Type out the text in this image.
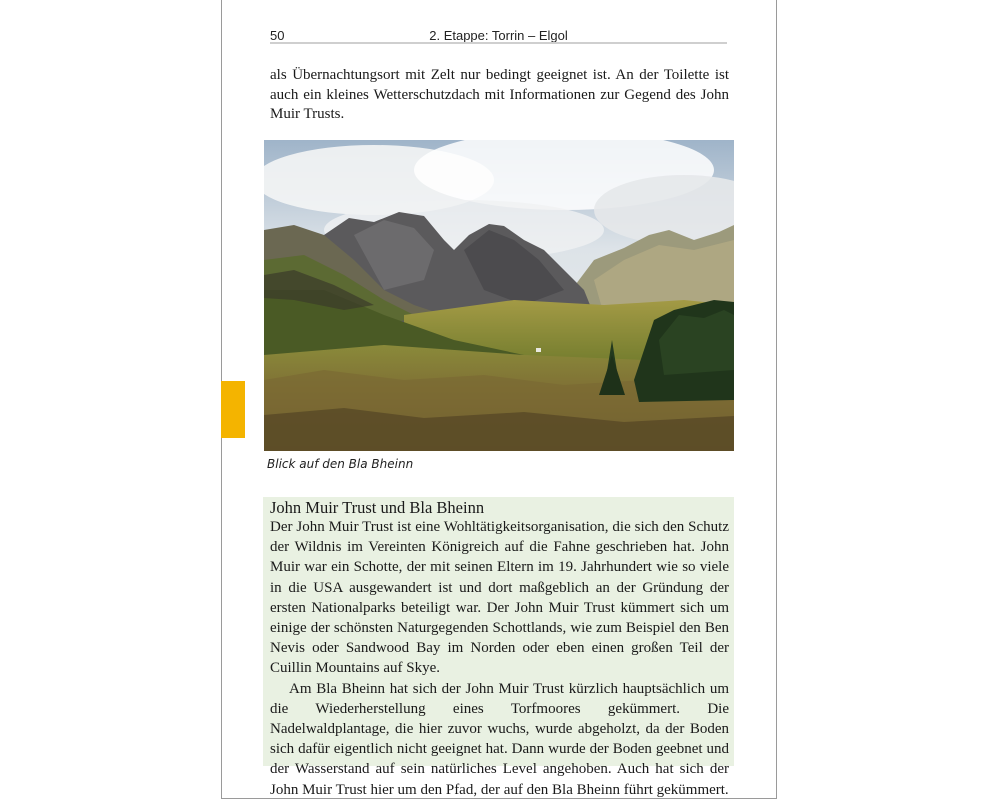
50	2. Etappe: Torrin – Elgol

als Übernachtungsort mit Zelt nur bedingt geeignet ist. An der Toilette ist auch ein kleines Wetterschutzdach mit Informationen zur Gegend des John Muir Trusts.

Blick auf den Bla Bheinn
John Muir Trust und Bla Bheinn

Der John Muir Trust ist eine Wohltätigkeitsorganisation, die sich den Schutz der Wildnis im Vereinten Königreich auf die Fahne geschrieben hat. John Muir war ein Schotte, der mit seinen Eltern im 19. Jahrhundert wie so viele in die USA ausgewandert ist und dort maßgeblich an der Gründung der ersten Nationalparks beteiligt war. Der John Muir Trust kümmert sich um einige der schönsten Naturgegenden Schottlands, wie zum Beispiel den Ben Nevis oder Sandwood Bay im Norden oder eben einen großen Teil der Cuillin Mountains auf Skye.

Am Bla Bheinn hat sich der John Muir Trust kürzlich hauptsächlich um die Wiederherstellung eines Torfmoores gekümmert. Die Nadelwaldplantage, die hier zuvor wuchs, wurde abgeholzt, da der Boden sich dafür eigentlich nicht geeignet hat. Dann wurde der Boden geebnet und der Wasserstand auf sein natürliches Level angehoben. Auch hat sich der John Muir Trust hier um den Pfad, der auf den Bla Bheinn führt gekümmert.
